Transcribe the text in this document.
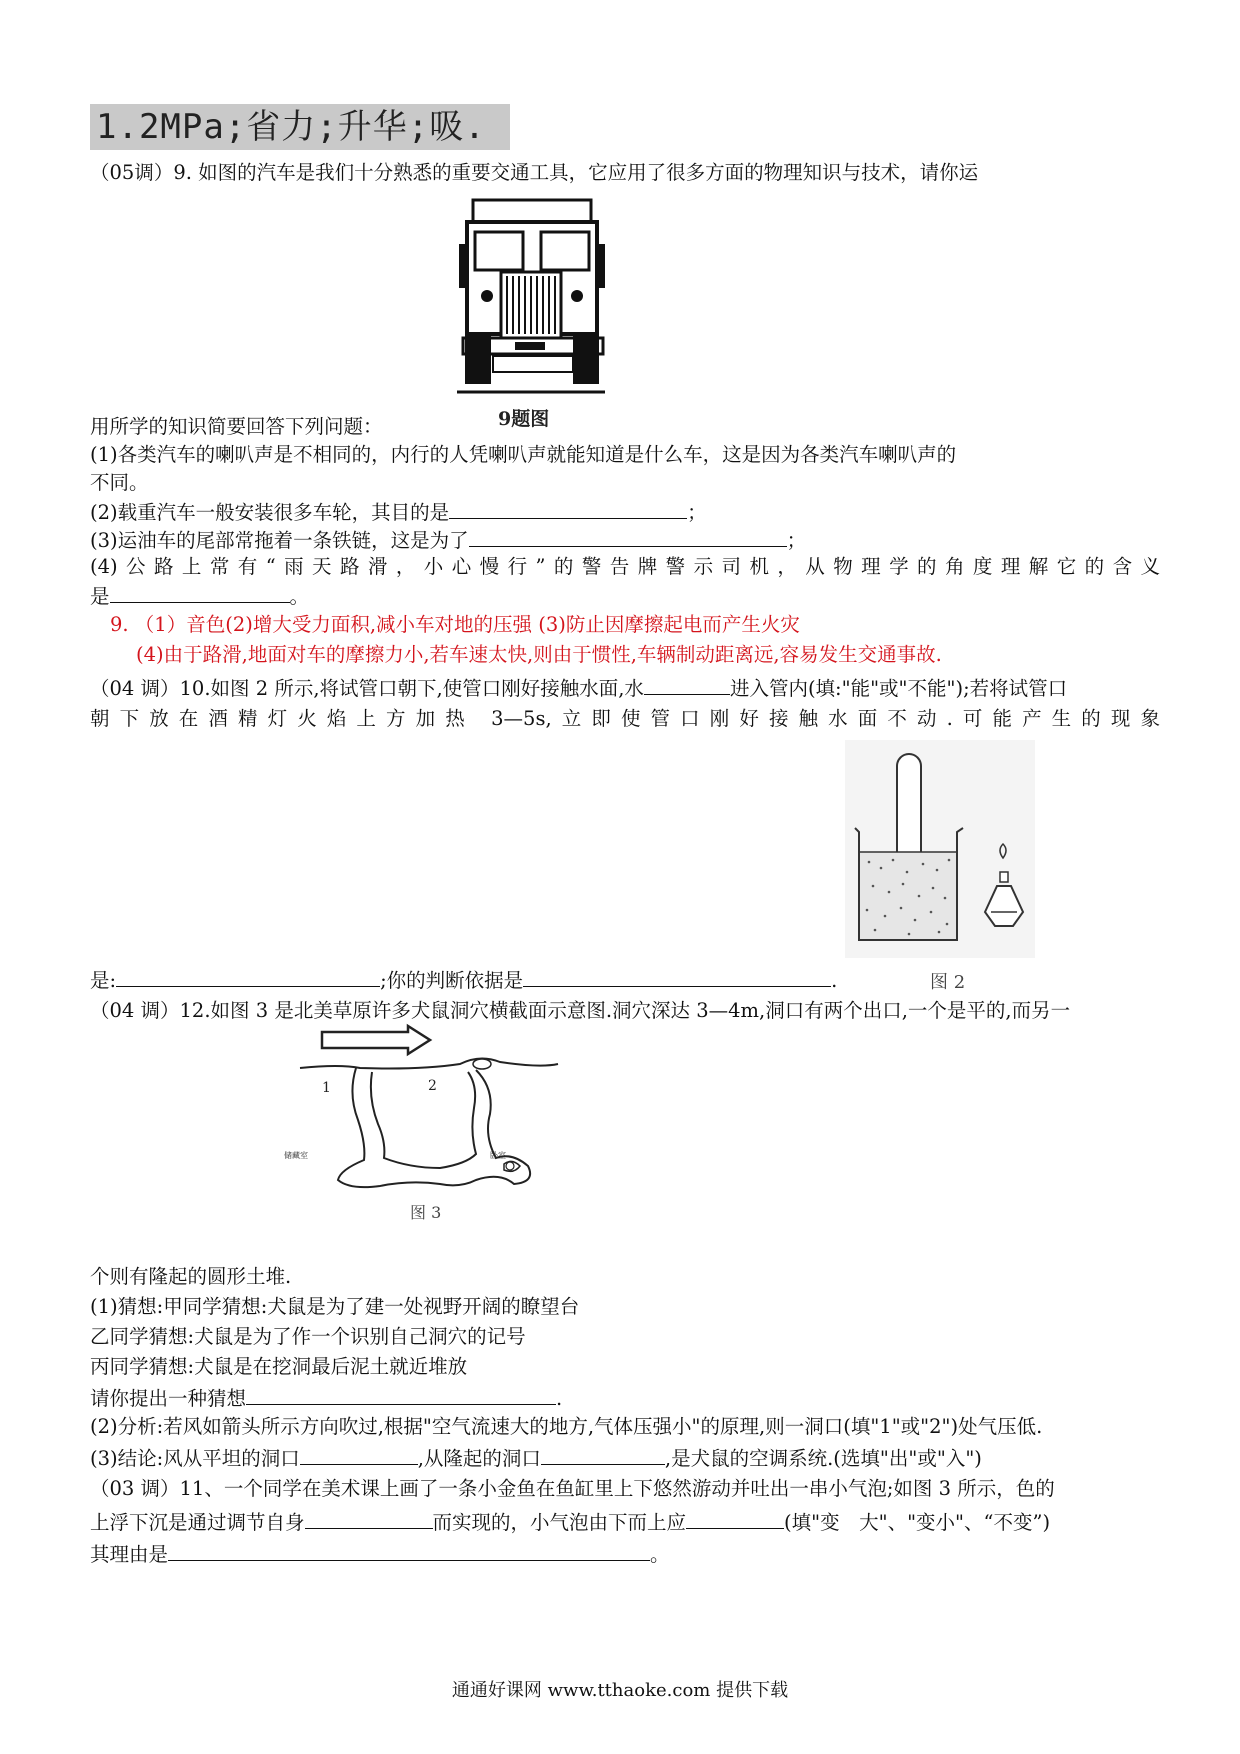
1.2MPa;省力;升华;吸.
（05调）9. 如图的汽车是我们十分熟悉的重要交通工具，它应用了很多方面的物理知识与技术，请你运
9题图
用所学的知识简要回答下列问题：
(1)各类汽车的喇叭声是不相同的，内行的人凭喇叭声就能知道是什么车，这是因为各类汽车喇叭声的
不同。
(2)载重汽车一般安装很多车轮，其目的是	；
(3)运油车的尾部常拖着一条铁链，这是为了	；
(4)公路上常有“雨天路滑，小心慢行”的警告牌警示司机，从物理学的角度理解它的含义
是	。
9. （1）音色(2)增大受力面积,减小车对地的压强 (3)防止因摩擦起电而产生火灾
(4)由于路滑,地面对车的摩擦力小,若车速太快,则由于惯性,车辆制动距离远,容易发生交通事故.
（04 调）10.如图 2 所示,将试管口朝下,使管口刚好接触水面,水	进入管内(填:"能"或"不能");若将试管口
朝下放在酒精灯火焰上方加热 3—5s,立即使管口刚好接触水面不动.可能产生的现象
图 2
是:	;你的判断依据是	.
（04 调）12.如图 3 是北美草原许多犬鼠洞穴横截面示意图.洞穴深达 3—4m,洞口有两个出口,一个是平的,而另一
1	2
储藏室	卧室
图 3
个则有隆起的圆形土堆.
(1)猜想:甲同学猜想:犬鼠是为了建一处视野开阔的瞭望台
乙同学猜想:犬鼠是为了作一个识别自己洞穴的记号
丙同学猜想:犬鼠是在挖洞最后泥土就近堆放
请你提出一种猜想	.
(2)分析:若风如箭头所示方向吹过,根据"空气流速大的地方,气体压强小"的原理,则一洞口(填"1"或"2")处气压低.
(3)结论:风从平坦的洞口	,从隆起的洞口	,是犬鼠的空调系统.(选填"出"或"入")
（03 调）11、一个同学在美术课上画了一条小金鱼在鱼缸里上下悠然游动并吐出一串小气泡;如图 3 所示，色的
上浮下沉是通过调节自身	而实现的，小气泡由下而上应	(填"变　大"、"变小"、“不变”)
其理由是	。
通通好课网 www.tthaoke.com 提供下载
